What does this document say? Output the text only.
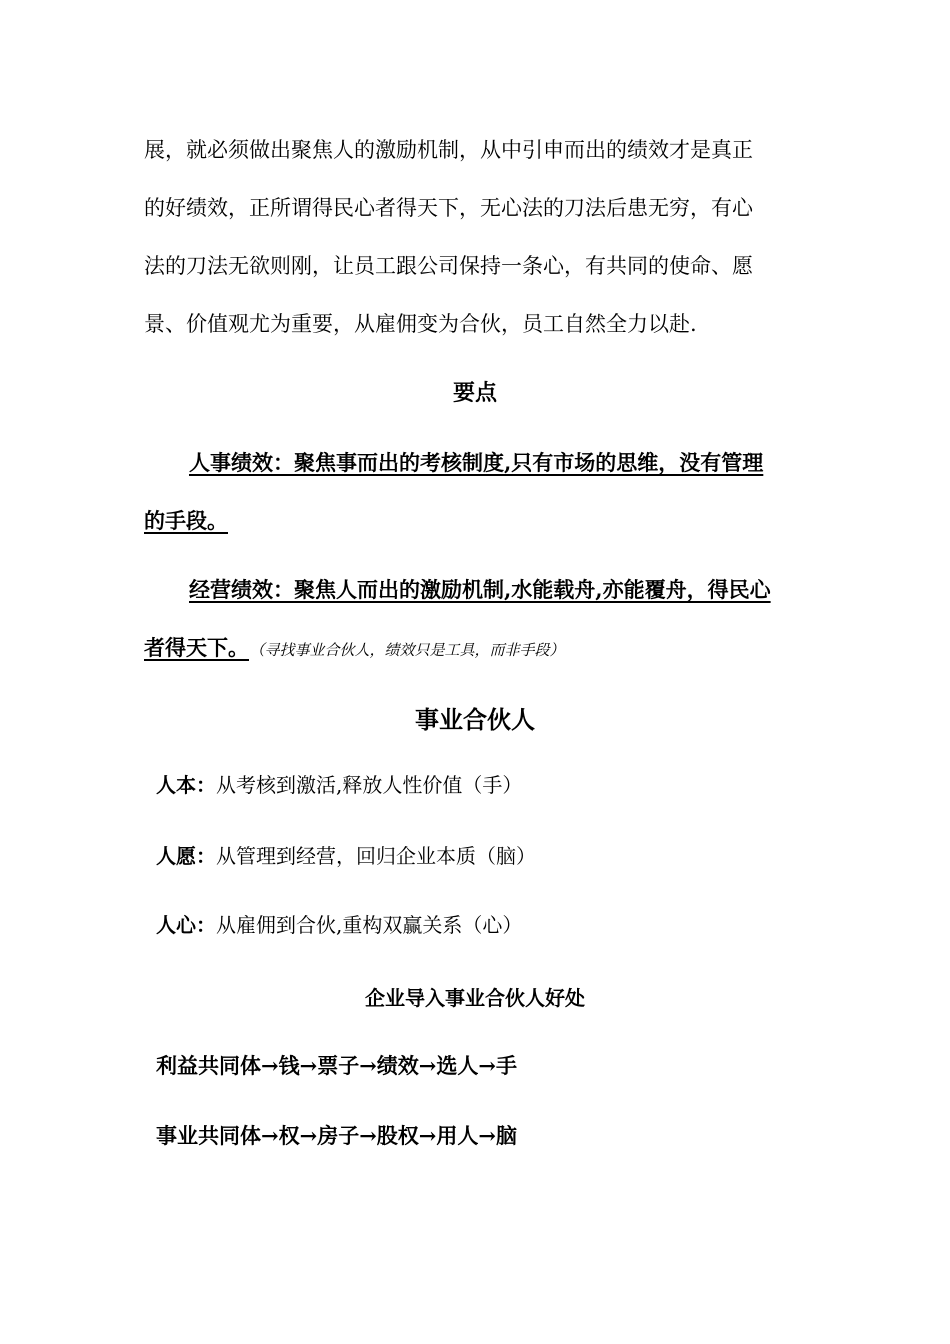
展，就必须做出聚焦人的激励机制，从中引申而出的绩效才是真正
的好绩效，正所谓得民心者得天下，无心法的刀法后患无穷，有心
法的刀法无欲则刚，让员工跟公司保持一条心，有共同的使命、愿
景、价值观尤为重要，从雇佣变为合伙，员工自然全力以赴.
要点
人事绩效：聚焦事而出的考核制度,只有市场的思维，没有管理
的手段。
经营绩效：聚焦人而出的激励机制,水能载舟,亦能覆舟，得民心
者得天下。 （寻找事业合伙人，绩效只是工具，而非手段）
事业合伙人
人本：从考核到激活,释放人性价值（手）
人愿：从管理到经营，回归企业本质（脑）
人心：从雇佣到合伙,重构双赢关系（心）
企业导入事业合伙人好处
利益共同体→钱→票子→绩效→选人→手
事业共同体→权→房子→股权→用人→脑
